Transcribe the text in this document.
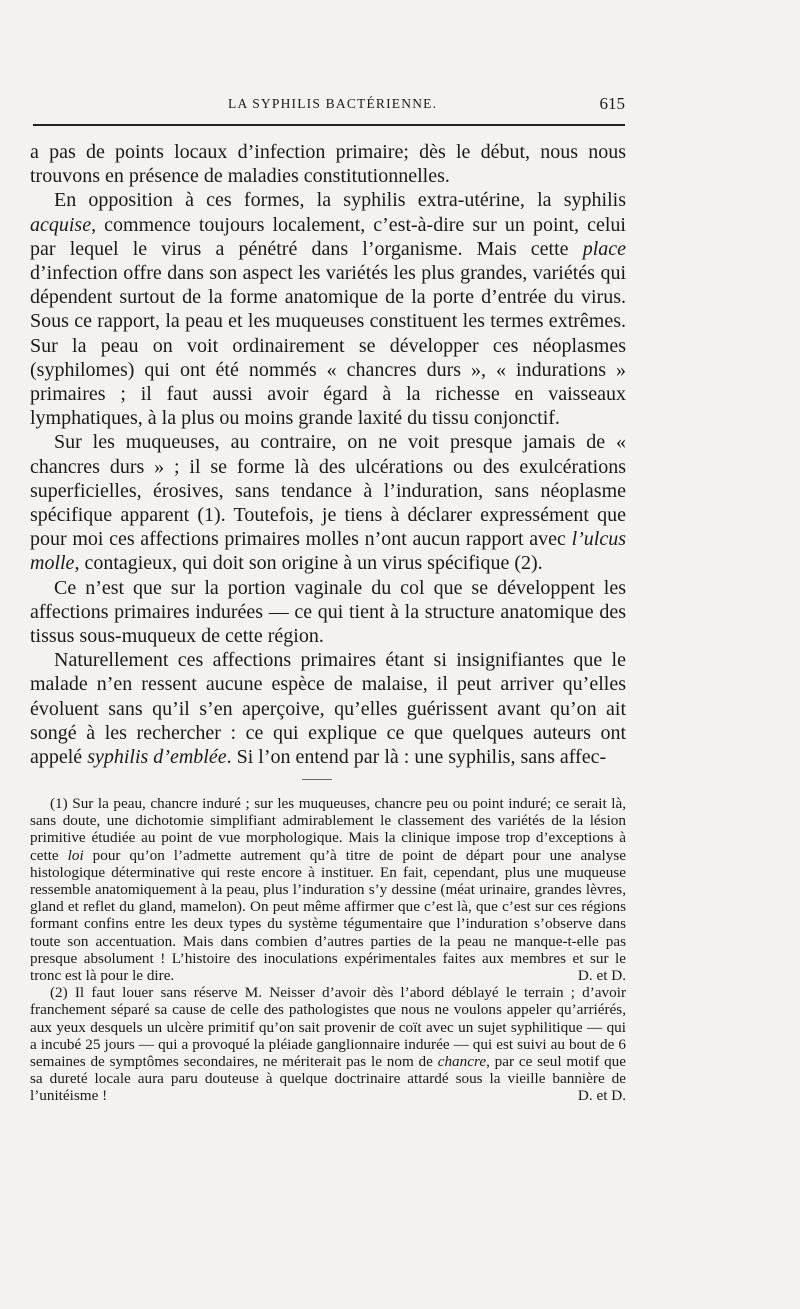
LA SYPHILIS BACTÉRIENNE.	615

a pas de points locaux d’infection primaire; dès le début, nous nous trouvons en présence de maladies constitutionnelles.

En opposition à ces formes, la syphilis extra-utérine, la syphilis acquise, commence toujours localement, c’est-à-dire sur un point, celui par lequel le virus a pénétré dans l’organisme. Mais cette place d’infection offre dans son aspect les variétés les plus grandes, variétés qui dépendent surtout de la forme anatomique de la porte d’entrée du virus. Sous ce rapport, la peau et les muqueuses constituent les termes extrêmes. Sur la peau on voit ordinairement se développer ces néoplasmes (syphilomes) qui ont été nommés « chancres durs », « indurations » primaires ; il faut aussi avoir égard à la richesse en vaisseaux lymphatiques, à la plus ou moins grande laxité du tissu conjonctif.

Sur les muqueuses, au contraire, on ne voit presque jamais de « chancres durs » ; il se forme là des ulcérations ou des exulcérations superficielles, érosives, sans tendance à l’induration, sans néoplasme spécifique apparent (1). Toutefois, je tiens à déclarer expressément que pour moi ces affections primaires molles n’ont aucun rapport avec l’ulcus molle, contagieux, qui doit son origine à un virus spécifique (2).

Ce n’est que sur la portion vaginale du col que se développent les affections primaires indurées — ce qui tient à la structure anatomique des tissus sous-muqueux de cette région.

Naturellement ces affections primaires étant si insignifiantes que le malade n’en ressent aucune espèce de malaise, il peut arriver qu’elles évoluent sans qu’il s’en aperçoive, qu’elles guérissent avant qu’on ait songé à les rechercher : ce qui explique ce que quelques auteurs ont appelé syphilis d’emblée. Si l’on entend par là : une syphilis, sans affec-

(1) Sur la peau, chancre induré ; sur les muqueuses, chancre peu ou point induré; ce serait là, sans doute, une dichotomie simplifiant admirablement le classement des variétés de la lésion primitive étudiée au point de vue morphologique. Mais la clinique impose trop d’exceptions à cette loi pour qu’on l’admette autrement qu’à titre de point de départ pour une analyse histologique déterminative qui reste encore à instituer. En fait, cependant, plus une muqueuse ressemble anatomiquement à la peau, plus l’induration s’y dessine (méat urinaire, grandes lèvres, gland et reflet du gland, mamelon). On peut même affirmer que c’est là, que c’est sur ces régions formant confins entre les deux types du système tégumentaire que l’induration s’observe dans toute son accentuation. Mais dans combien d’autres parties de la peau ne manque-t-elle pas presque absolument ! L’histoire des inoculations expérimentales faites aux membres et sur le tronc est là pour le dire.	D. et D.

(2) Il faut louer sans réserve M. Neisser d’avoir dès l’abord déblayé le terrain ; d’avoir franchement séparé sa cause de celle des pathologistes que nous ne voulons appeler qu’arriérés, aux yeux desquels un ulcère primitif qu’on sait provenir de coït avec un sujet syphilitique — qui a incubé 25 jours — qui a provoqué la pléiade ganglionnaire indurée — qui est suivi au bout de 6 semaines de symptômes secondaires, ne mériterait pas le nom de chancre, par ce seul motif que sa dureté locale aura paru douteuse à quelque doctrinaire attardé sous la vieille bannière de l’unitéisme !	D. et D.
